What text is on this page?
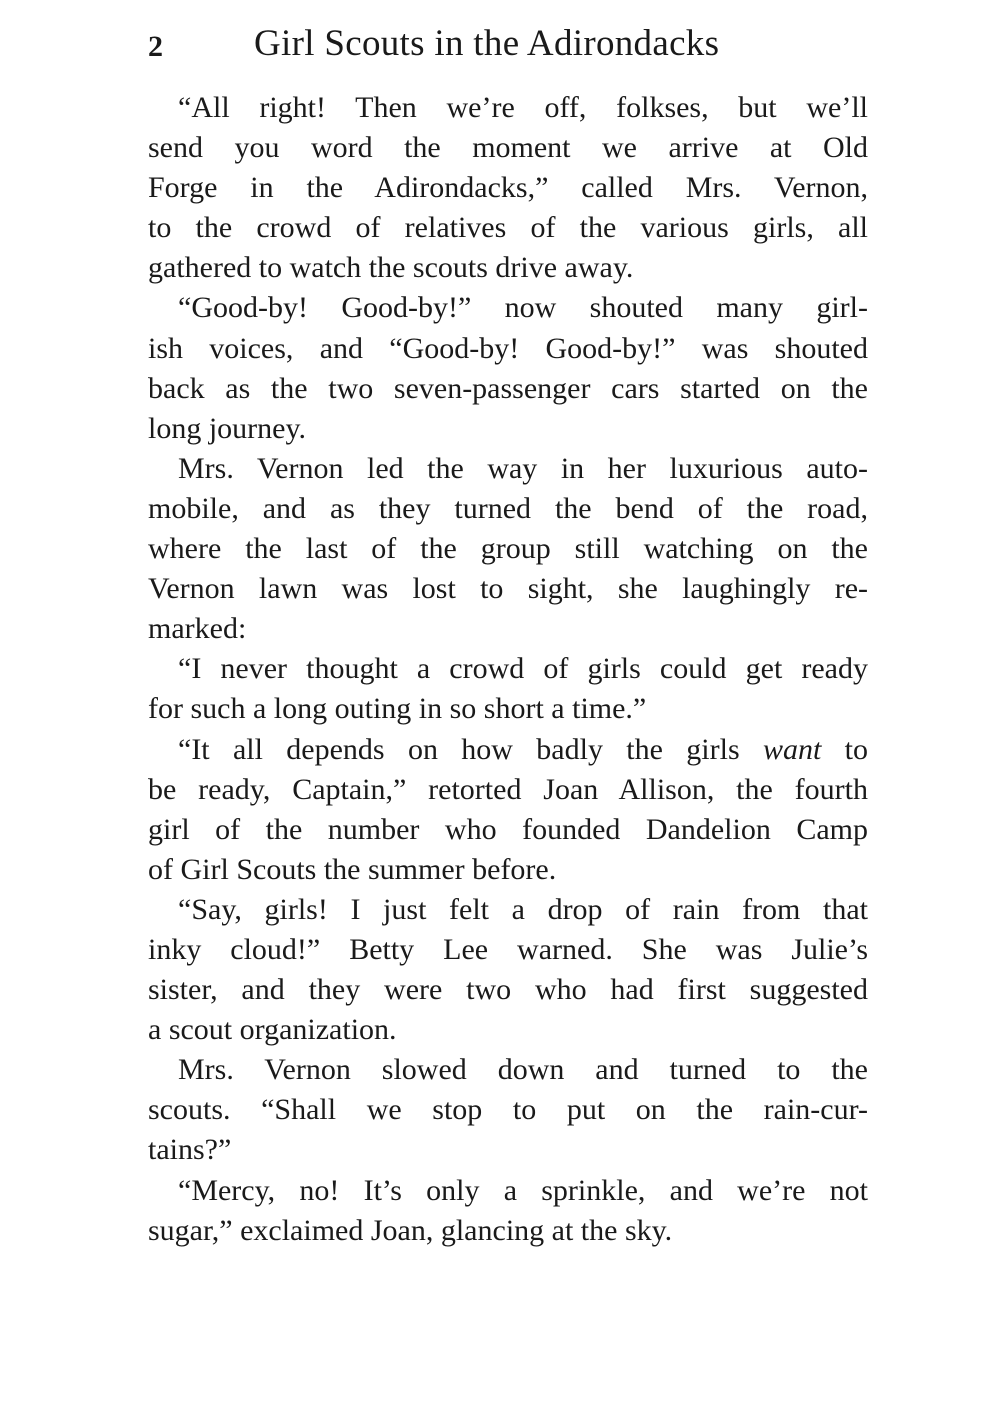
2 Girl Scouts in the Adirondacks

“All right! Then we’re off, folkses, but we’ll
send you word the moment we arrive at Old
Forge in the Adirondacks,” called Mrs. Vernon,
to the crowd of relatives of the various girls, all
gathered to watch the scouts drive away.

“Good-by! Good-by!” now shouted many girl-
ish voices, and “Good-by! Good-by!” was shouted
back as the two seven-passenger cars started on the
long journey.

Mrs. Vernon led the way in her luxurious auto-
mobile, and as they turned the bend of the road,
where the last of the group still watching on the
Vernon lawn was lost to sight, she laughingly re-
marked:

“I never thought a crowd of girls could get ready
for such a long outing in so short a time.”

“It all depends on how badly the girls want to
be ready, Captain,” retorted Joan Allison, the fourth
girl of the number who founded Dandelion Camp
of Girl Scouts the summer before.

“Say, girls! I just felt a drop of rain from that
inky cloud!” Betty Lee warned. She was Julie’s
sister, and they were two who had first suggested
a scout organization.

Mrs. Vernon slowed down and turned to the
scouts. “Shall we stop to put on the rain-cur-
tains?”

“Mercy, no! It’s only a sprinkle, and we’re not
sugar,” exclaimed Joan, glancing at the sky.
